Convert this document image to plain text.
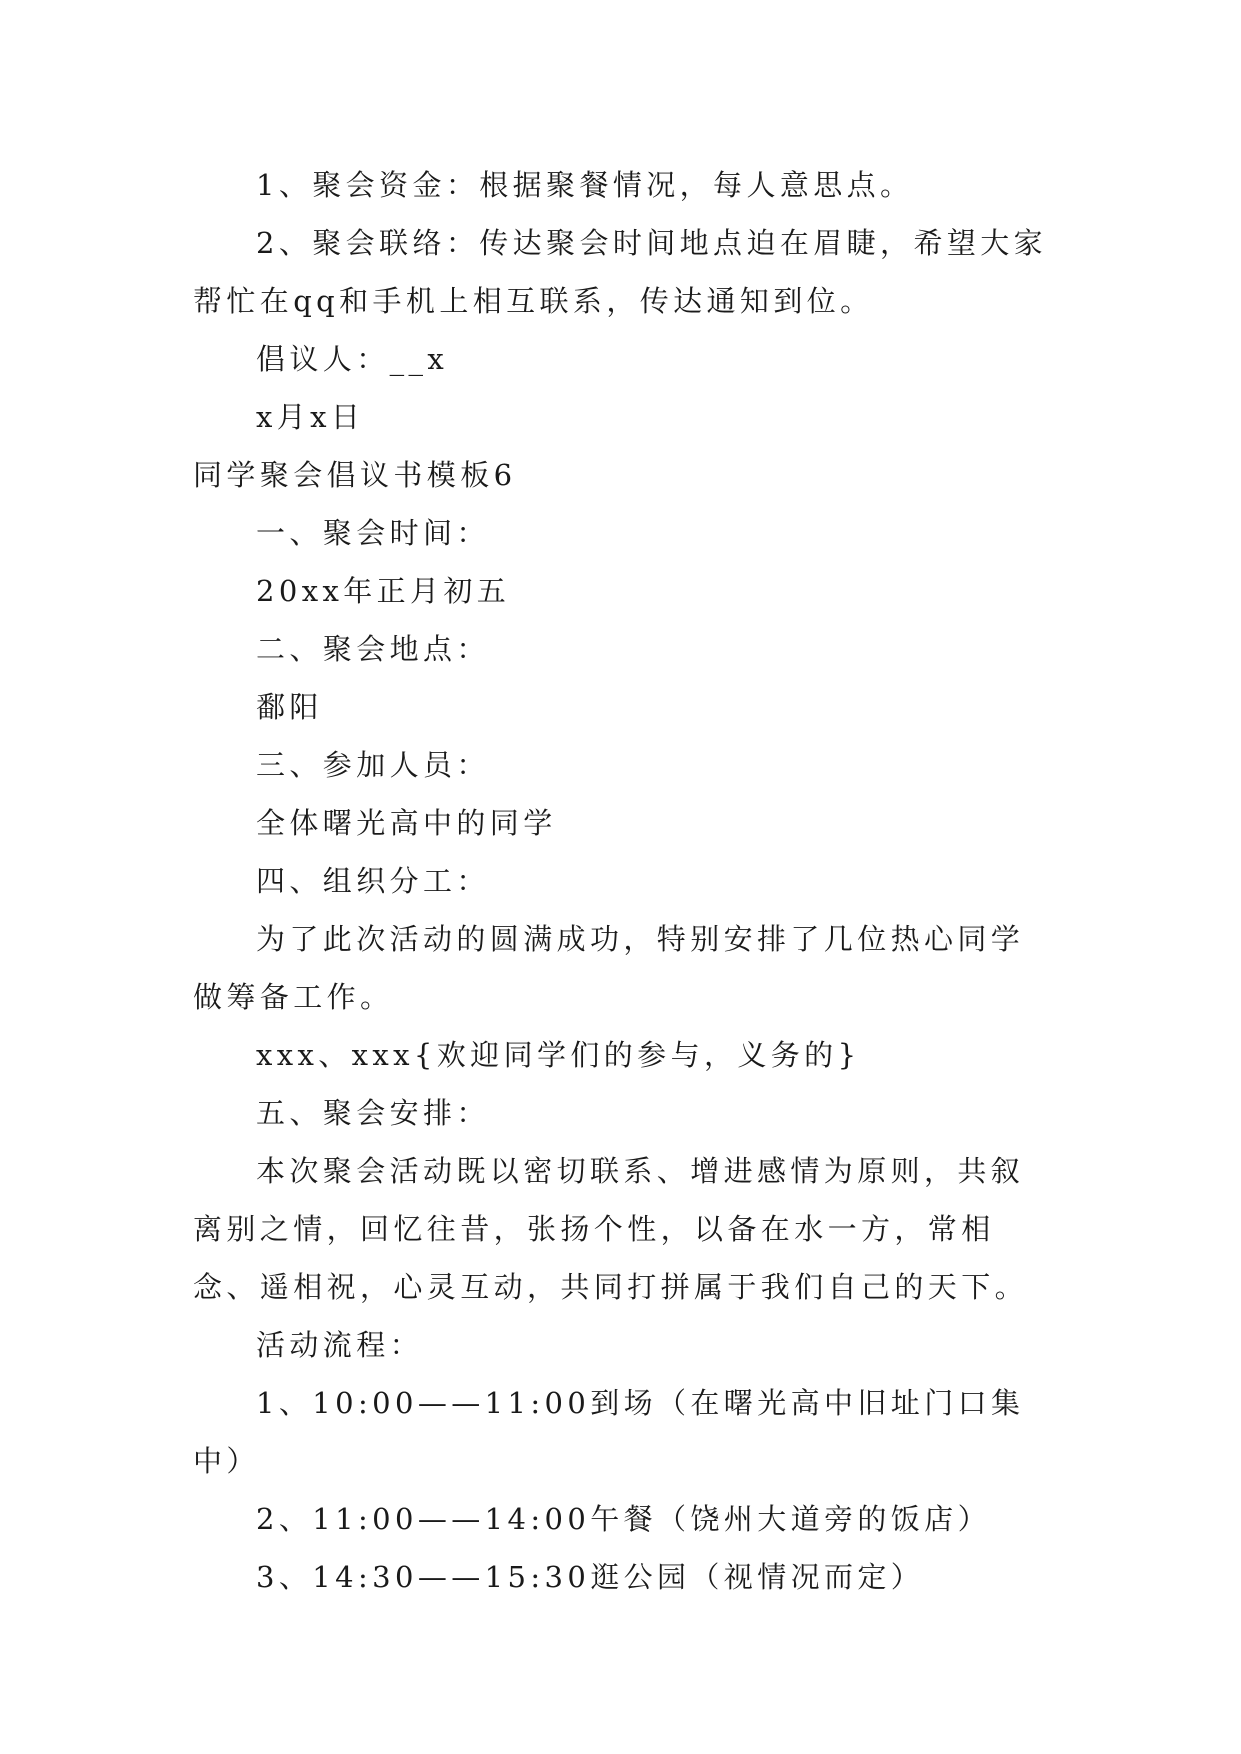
1、聚会资金：根据聚餐情况，每人意思点。

2、聚会联络：传达聚会时间地点迫在眉睫，希望大家帮忙在qq和手机上相互联系，传达通知到位。

倡议人：__x

x月x日

同学聚会倡议书模板6

一、聚会时间：

20xx年正月初五

二、聚会地点：

鄱阳

三、参加人员：

全体曙光高中的同学

四、组织分工：

为了此次活动的圆满成功，特别安排了几位热心同学做筹备工作。

xxx、xxx{欢迎同学们的参与，义务的}

五、聚会安排：

本次聚会活动既以密切联系、增进感情为原则，共叙离别之情，回忆往昔，张扬个性，以备在水一方，常相念、遥相祝，心灵互动，共同打拼属于我们自己的天下。

活动流程：

1、10:00——11:00到场（在曙光高中旧址门口集中）

2、11:00——14:00午餐（饶州大道旁的饭店）

3、14:30——15:30逛公园（视情况而定）
